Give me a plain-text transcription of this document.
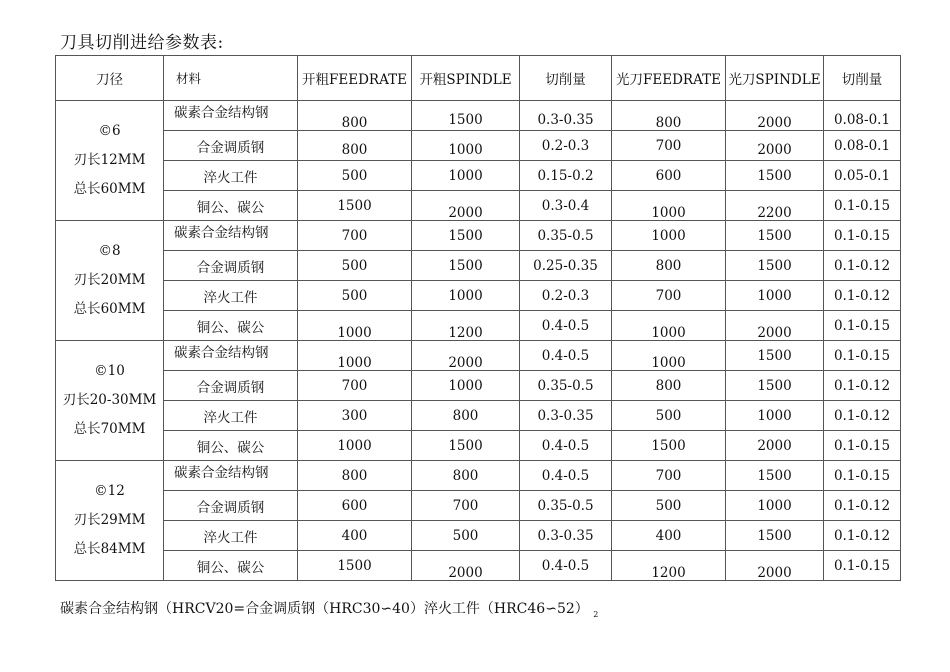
刀具切削进给参数表:
刀径	材料	开粗FEEDRATE	开粗SPINDLE	切削量	光刀FEEDRATE	光刀SPINDLE	切削量

©6
刃长12MM
总长60MM	碳素合金结构钢	800	1500	0.3-0.35	800	2000	0.08-0.1
	合金调质钢	800	1000	0.2-0.3	700	2000	0.08-0.1
	淬火工件	500	1000	0.15-0.2	600	1500	0.05-0.1
	铜公、碳公	1500	2000	0.3-0.4	1000	2200	0.1-0.15

©8
刃长20MM
总长60MM	碳素合金结构钢	700	1500	0.35-0.5	1000	1500	0.1-0.15
	合金调质钢	500	1500	0.25-0.35	800	1500	0.1-0.12
	淬火工件	500	1000	0.2-0.3	700	1000	0.1-0.12
	铜公、碳公	1000	1200	0.4-0.5	1000	2000	0.1-0.15

©10
刃长20-30MM
总长70MM	碳素合金结构钢	1000	2000	0.4-0.5	1000	1500	0.1-0.15
	合金调质钢	700	1000	0.35-0.5	800	1500	0.1-0.12
	淬火工件	300	800	0.3-0.35	500	1000	0.1-0.12
	铜公、碳公	1000	1500	0.4-0.5	1500	2000	0.1-0.15

©12
刃长29MM
总长84MM	碳素合金结构钢	800	800	0.4-0.5	700	1500	0.1-0.15
	合金调质钢	600	700	0.35-0.5	500	1000	0.1-0.12
	淬火工件	400	500	0.3-0.35	400	1500	0.1-0.12
	铜公、碳公	1500	2000	0.4-0.5	1200	2000	0.1-0.15
碳素合金结构钢（HRCV20=合金调质钢（HRC30∽40）淬火工件（HRC46∽52） $_2$
